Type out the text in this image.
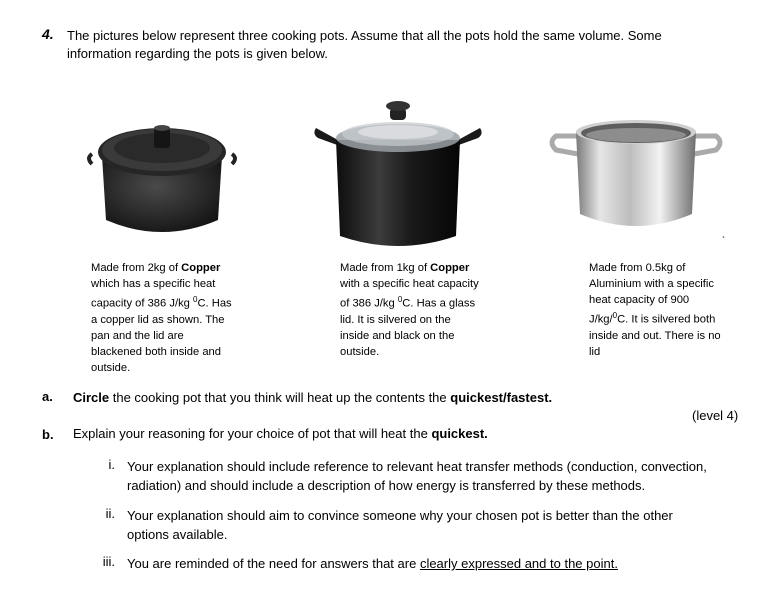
4. The pictures below represent three cooking pots. Assume that all the pots hold the same volume. Some information regarding the pots is given below.
ˋ
Made from 2kg of Copper
which has a specific heat
capacity of 386 J/kg $^0$C. Has
a copper lid as shown. The
pan and the lid are
blackened both inside and
outside.
Made from 1kg of Copper
with a specific heat capacity
of 386 J/kg $^0$C. Has a glass
lid. It is silvered on the
inside and black on the
outside.
Made from 0.5kg of
Aluminium with a specific
heat capacity of 900
J/kg/$^0$C. It is silvered both
inside and out. There is no
lid
a. Circle the cooking pot that you think will heat up the contents the quickest/fastest.
(level 4)
b. Explain your reasoning for your choice of pot that will heat the quickest.
i. Your explanation should include reference to relevant heat transfer methods (conduction, convection,
radiation) and should include a description of how energy is transferred by these methods.
ii. Your explanation should aim to convince someone why your chosen pot is better than the other
options available.
iii. You are reminded of the need for answers that are clearly expressed and to the point.
